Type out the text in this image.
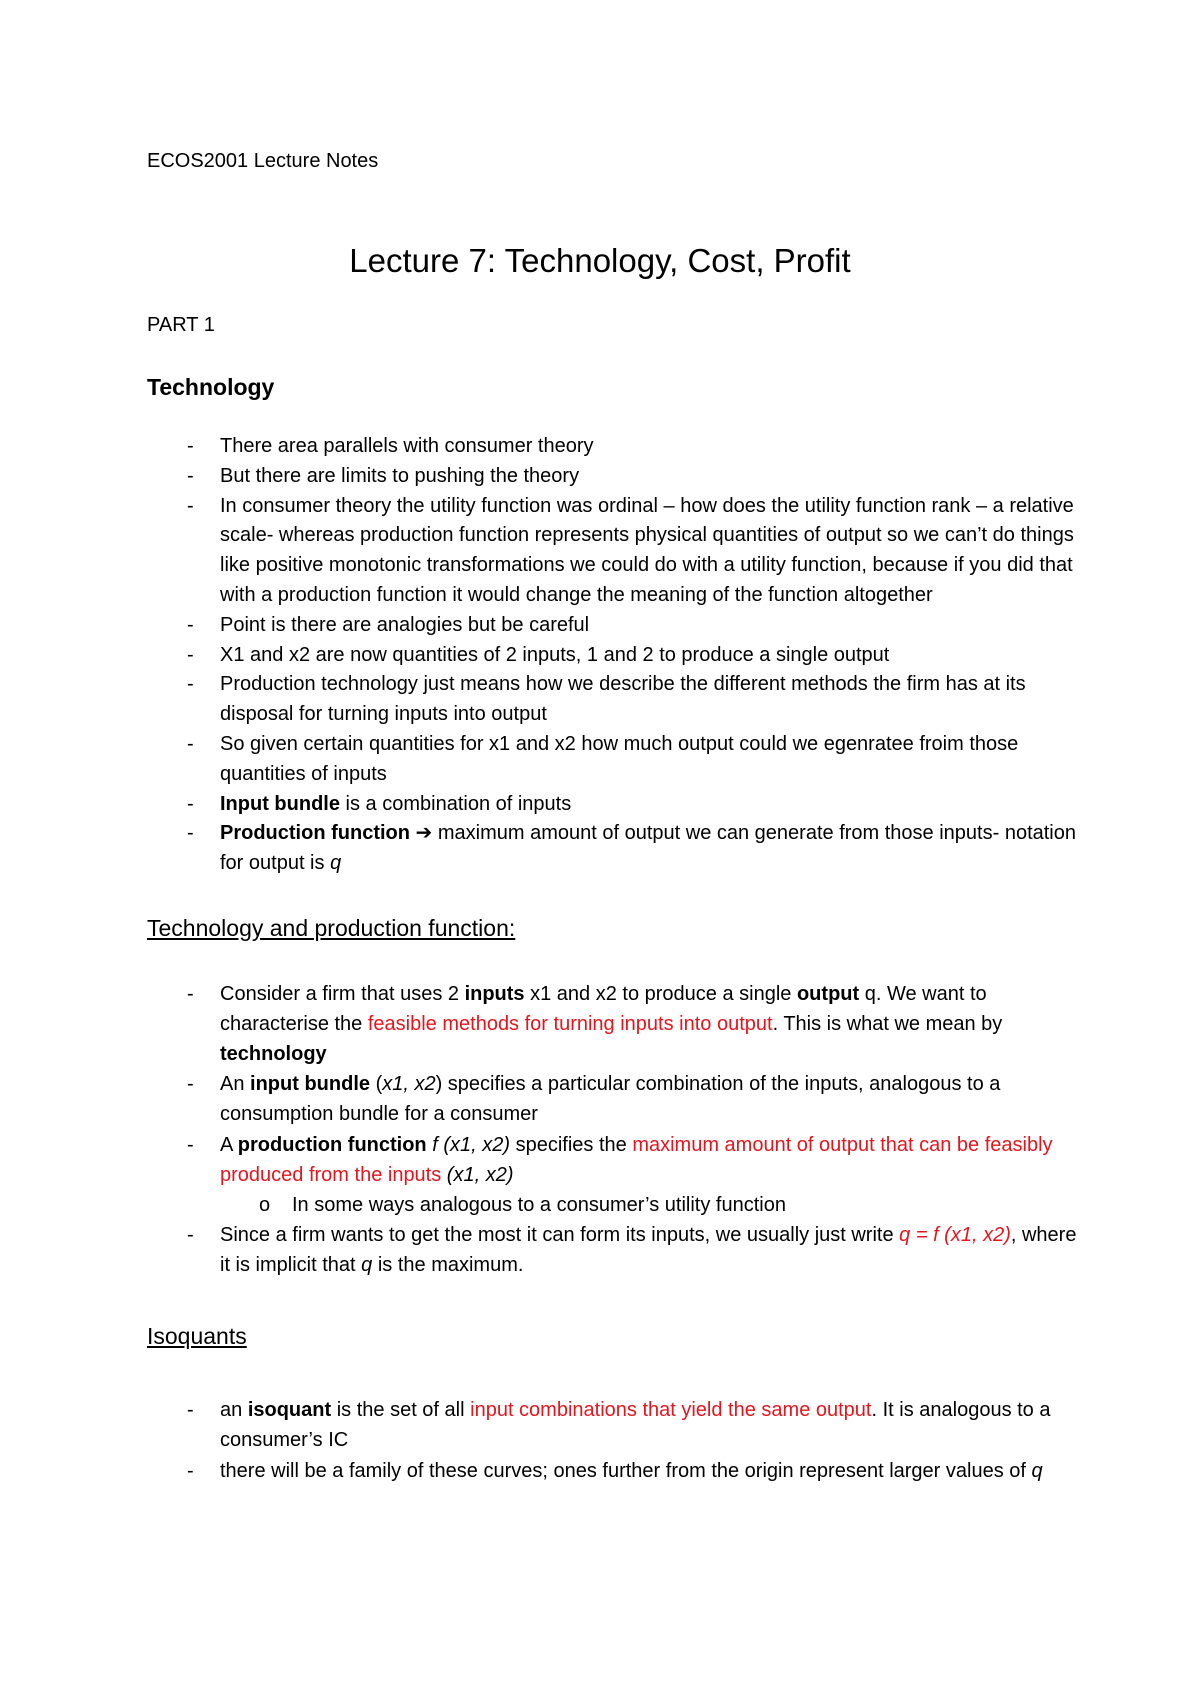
ECOS2001 Lecture Notes

Lecture 7: Technology, Cost, Profit

PART 1

Technology

- There area parallels with consumer theory
- But there are limits to pushing the theory
- In consumer theory the utility function was ordinal – how does the utility function rank – a relative scale- whereas production function represents physical quantities of output so we can’t do things like positive monotonic transformations we could do with a utility function, because if you did that with a production function it would change the meaning of the function altogether
- Point is there are analogies but be careful
- X1 and x2 are now quantities of 2 inputs, 1 and 2 to produce a single output
- Production technology just means how we describe the different methods the firm has at its disposal for turning inputs into output
- So given certain quantities for x1 and x2 how much output could we egenratee froim those quantities of inputs
- Input bundle is a combination of inputs
- Production function ➔ maximum amount of output we can generate from those inputs- notation for output is q

Technology and production function:

- Consider a firm that uses 2 inputs x1 and x2 to produce a single output q. We want to characterise the feasible methods for turning inputs into output. This is what we mean by technology
- An input bundle (x1, x2) specifies a particular combination of the inputs, analogous to a consumption bundle for a consumer
- A production function f (x1, x2) specifies the maximum amount of output that can be feasibly produced from the inputs (x1, x2)
o In some ways analogous to a consumer’s utility function
- Since a firm wants to get the most it can form its inputs, we usually just write q = f (x1, x2), where it is implicit that q is the maximum.

Isoquants

- an isoquant is the set of all input combinations that yield the same output. It is analogous to a consumer’s IC
- there will be a family of these curves; ones further from the origin represent larger values of q
